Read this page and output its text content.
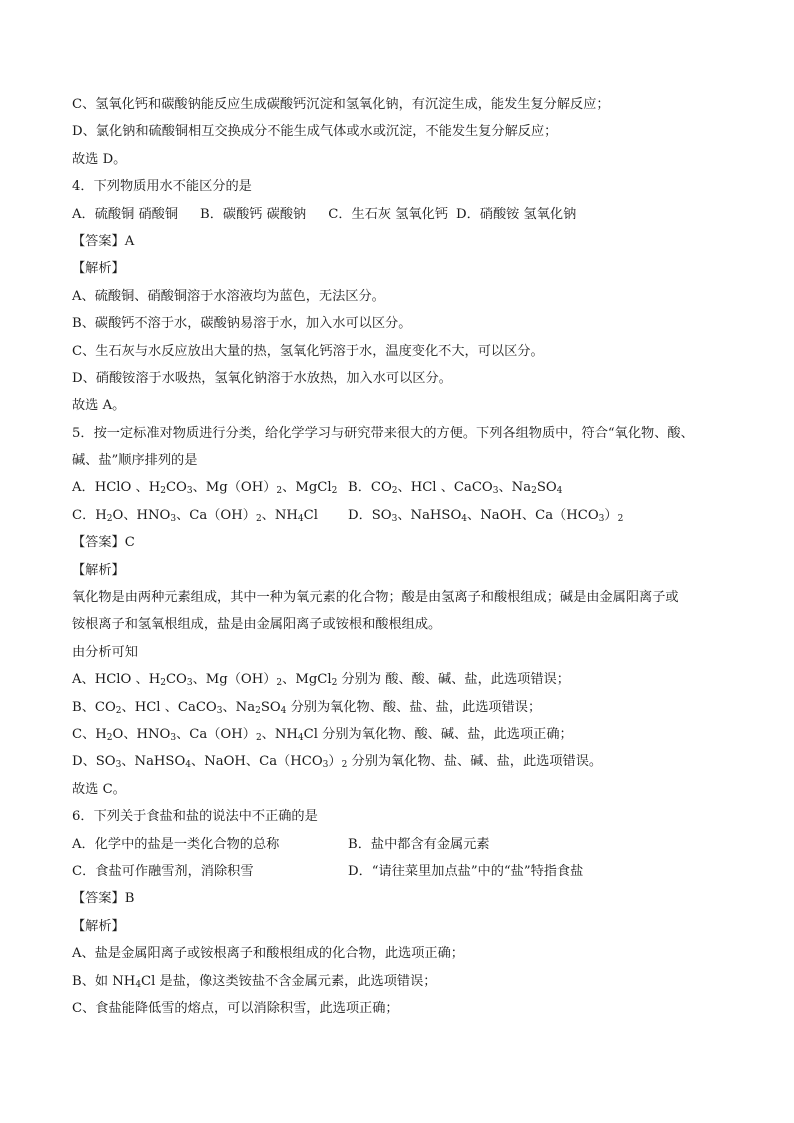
C、氢氧化钙和碳酸钠能反应生成碳酸钙沉淀和氢氧化钠，有沉淀生成，能发生复分解反应；
D、氯化钠和硫酸铜相互交换成分不能生成气体或水或沉淀，不能发生复分解反应；
故选 D。
4．下列物质用水不能区分的是
A．硫酸铜 硝酸铜 B．碳酸钙 碳酸钠 C．生石灰 氢氧化钙 D．硝酸铵 氢氧化钠
【答案】A
【解析】
A、硫酸铜、硝酸铜溶于水溶液均为蓝色，无法区分。
B、碳酸钙不溶于水，碳酸钠易溶于水，加入水可以区分。
C、生石灰与水反应放出大量的热，氢氧化钙溶于水，温度变化不大，可以区分。
D、硝酸铵溶于水吸热，氢氧化钠溶于水放热，加入水可以区分。
故选 A。
5．按一定标准对物质进行分类，给化学学习与研究带来很大的方便。下列各组物质中，符合“氧化物、酸、
碱、盐”顺序排列的是
A．HClO 、$H_2CO_3$、$Mg(OH)_2$、MgCl$_2$ B．$CO_2$、HCl 、CaCO$_3$、$Na_2SO_4$
C．$H_2O$、$HNO_3$、$Ca(OH)_2$、$NH_4Cl$	D．$SO_3$、NaHSO$_4$、NaOH、$Ca(HCO_3)_2$
【答案】C
【解析】
氧化物是由两种元素组成，其中一种为氧元素的化合物；酸是由氢离子和酸根组成；碱是由金属阳离子或
铵根离子和氢氧根组成，盐是由金属阳离子或铵根和酸根组成。
由分析可知
A、HClO 、$H_2CO_3$、$Mg(OH)_2$、MgCl$_2$ 分别为 酸、酸、碱、盐，此选项错误；
B、$CO_2$、HCl 、CaCO$_3$、$Na_2SO_4$ 分别为氧化物、酸、盐、盐，此选项错误；
C、$H_2O$、$HNO_3$、$Ca(OH)_2$、$NH_4Cl$ 分别为氧化物、酸、碱、盐，此选项正确；
D、$SO_3$、NaHSO$_4$、NaOH、$Ca(HCO_3)_2$ 分别为氧化物、盐、碱、盐，此选项错误。
故选 C。
6．下列关于食盐和盐的说法中不正确的是
A．化学中的盐是一类化合物的总称	B．盐中都含有金属元素
C．食盐可作融雪剂，消除积雪	D．“请往菜里加点盐”中的“盐”特指食盐
【答案】B
【解析】
A、盐是金属阳离子或铵根离子和酸根组成的化合物，此选项正确；
B、如 $NH_4Cl$ 是盐，像这类铵盐不含金属元素，此选项错误；
C、食盐能降低雪的熔点，可以消除积雪，此选项正确；
